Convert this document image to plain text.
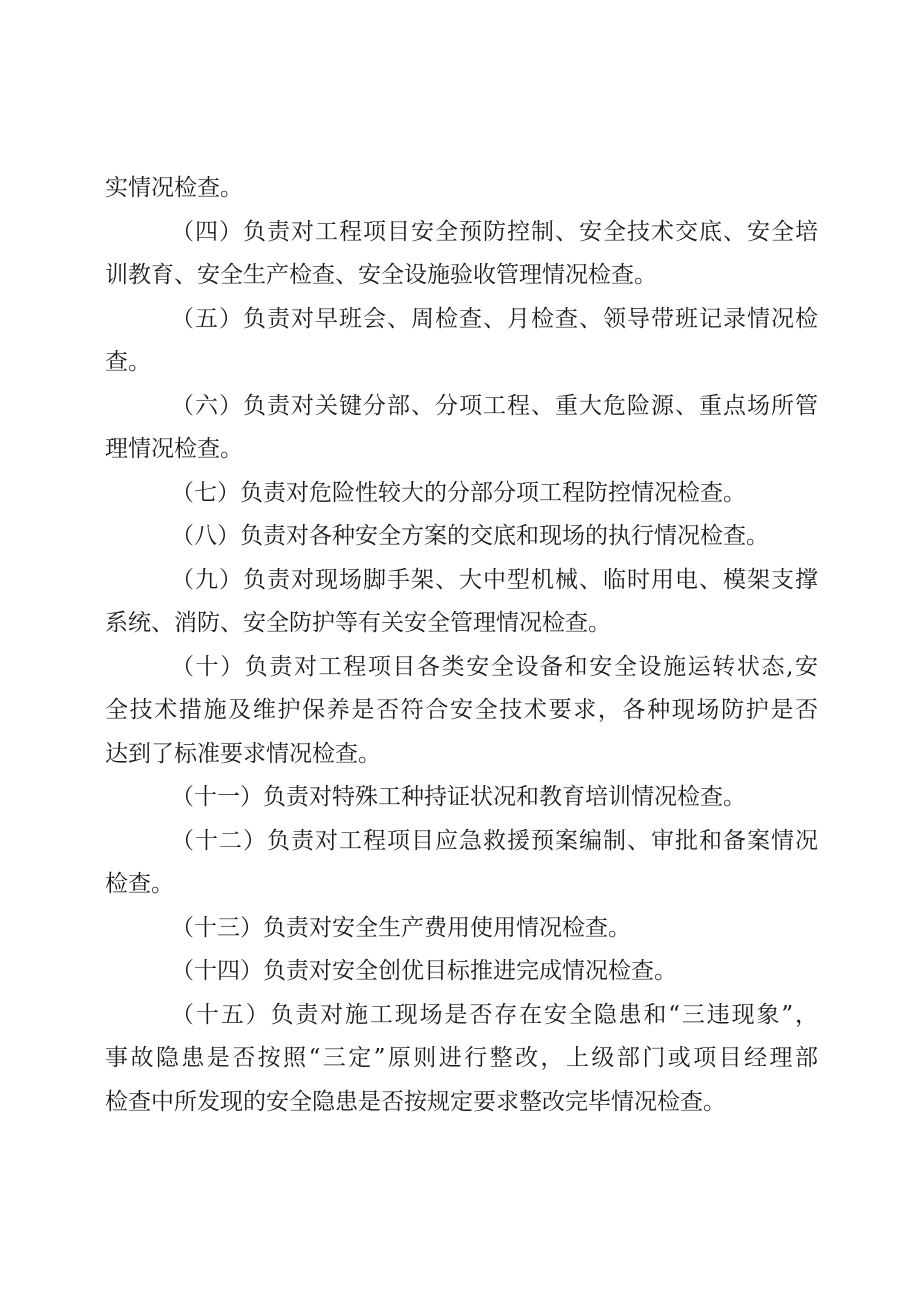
实情况检查。

（四）负责对工程项目安全预防控制、安全技术交底、安全培

训教育、安全生产检查、安全设施验收管理情况检查。

（五）负责对早班会、周检查、月检查、领导带班记录情况检

查。

（六）负责对关键分部、分项工程、重大危险源、重点场所管

理情况检查。

（七）负责对危险性较大的分部分项工程防控情况检查。

（八）负责对各种安全方案的交底和现场的执行情况检查。

（九）负责对现场脚手架、大中型机械、临时用电、模架支撑

系统、消防、安全防护等有关安全管理情况检查。

（十）负责对工程项目各类安全设备和安全设施运转状态,安

全技术措施及维护保养是否符合安全技术要求，各种现场防护是否

达到了标准要求情况检查。

（十一）负责对特殊工种持证状况和教育培训情况检查。

（十二）负责对工程项目应急救援预案编制、审批和备案情况

检查。

（十三）负责对安全生产费用使用情况检查。

（十四）负责对安全创优目标推进完成情况检查。

（十五）负责对施工现场是否存在安全隐患和“三违现象”，

事故隐患是否按照“三定”原则进行整改，上级部门或项目经理部

检查中所发现的安全隐患是否按规定要求整改完毕情况检查。
